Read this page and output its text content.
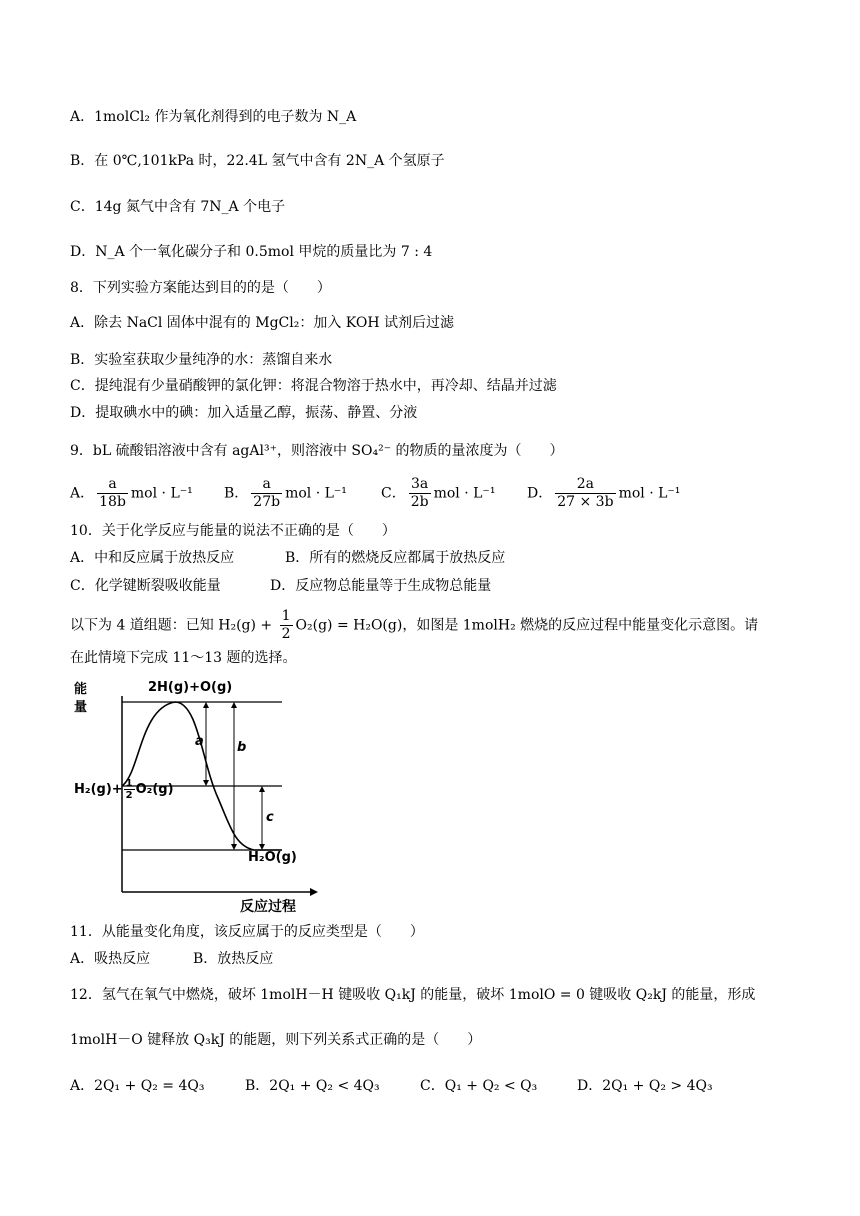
A．1molCl₂ 作为氧化剂得到的电子数为 N_A
B．在 0℃,101kPa 时，22.4L 氢气中含有 2N_A 个氢原子
C．14g 氮气中含有 7N_A 个电子
D．N_A 个一氧化碳分子和 0.5mol 甲烷的质量比为 7 : 4
8．下列实验方案能达到目的的是（　　）
A．除去 NaCl 固体中混有的 MgCl₂：加入 KOH 试剂后过滤
B．实验室获取少量纯净的水：蒸馏自来水
C．提纯混有少量硝酸钾的氯化钾：将混合物溶于热水中，再冷却、结晶并过滤
D．提取碘水中的碘：加入适量乙醇，振荡、静置、分液
9．bL 硫酸铝溶液中含有 agAl³⁺，则溶液中 SO₄²⁻ 的物质的量浓度为（　　）
A． $\frac{a}{18b}$ mol · L⁻¹ B． $\frac{a}{27b}$ mol · L⁻¹ C． $\frac{3a}{2b}$ mol · L⁻¹ D． $\frac{2a}{27 \times 3b}$ mol · L⁻¹
10．关于化学反应与能量的说法不正确的是（　　）
A．中和反应属于放热反应	B．所有的燃烧反应都属于放热反应
C．化学键断裂吸收能量	D．反应物总能量等于生成物总能量
以下为 4 道组题：已知 $H_2(g) + \frac{1}{2} O_2(g) = H_2O(g)$，如图是 1molH₂ 燃烧的反应过程中能量变化示意图。请
在此情境下完成 11～13 题的选择。
能
量
2H(g)+O(g)
$H_2(g)+ \frac{1}{2} O_2(g)$
H₂O(g)
a	b
c
反应过程
11．从能量变化角度，该反应属于的反应类型是（　　）
A．吸热反应	B．放热反应
12．氢气在氧气中燃烧，破坏 1molH－H 键吸收 Q₁kJ 的能量，破坏 1molO = 0 键吸收 Q₂kJ 的能量，形成
1molH－O 键释放 Q₃kJ 的能题，则下列关系式正确的是（　　）
A．2Q₁ + Q₂ = 4Q₃	B．2Q₁ + Q₂ < 4Q₃	C．Q₁ + Q₂ < Q₃	D．2Q₁ + Q₂ > 4Q₃
